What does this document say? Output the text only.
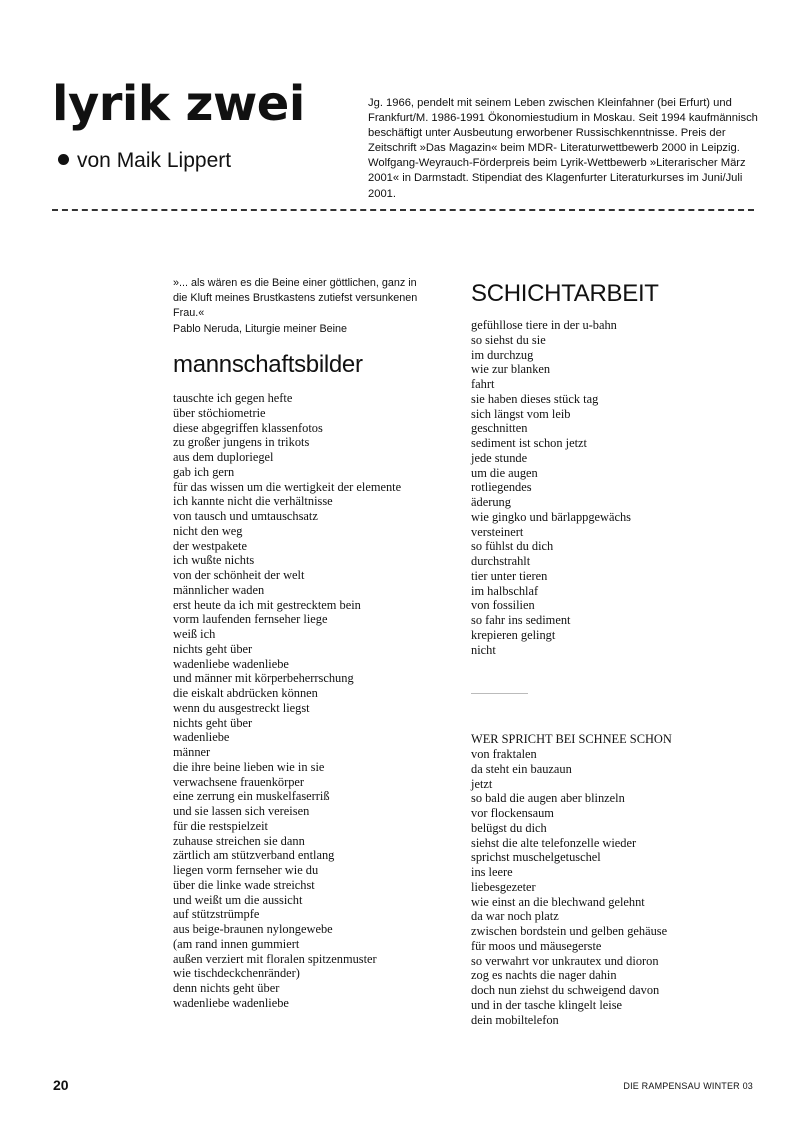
lyrik zwei
von Maik Lippert

Jg. 1966, pendelt mit seinem Leben zwischen Kleinfahner (bei Erfurt) und Frankfurt/M. 1986-1991 Ökonomiestudium in Moskau. Seit 1994 kaufmännisch beschäftigt unter Ausbeutung erworbener Russischkenntnisse. Preis der Zeitschrift »Das Magazin« beim MDR- Literaturwettbewerb 2000 in Leipzig. Wolfgang-Weyrauch-Förderpreis beim Lyrik-Wettbewerb »Literarischer März 2001« in Darmstadt. Stipendiat des Klagenfurter Literaturkurses im Juni/Juli 2001.

»... als wären es die Beine einer göttlichen, ganz in die Kluft meines Brustkastens zutiefst versunkenen Frau.«

Pablo Neruda, Liturgie meiner Beine

mannschaftsbilder
tauschte ich gegen hefte
über stöchiometrie
diese abgegriffen klassenfotos
zu großer jungens in trikots
aus dem duploriegel
gab ich gern
für das wissen um die wertigkeit der elemente
ich kannte nicht die verhältnisse
von tausch und umtauschsatz
nicht den weg
der westpakete
ich wußte nichts
von der schönheit der welt
männlicher waden
erst heute da ich mit gestrecktem bein
vorm laufenden fernseher liege
weiß ich
nichts geht über
wadenliebe wadenliebe
und männer mit körperbeherrschung
die eiskalt abdrücken können
wenn du ausgestreckt liegst
nichts geht über
wadenliebe
männer
die ihre beine lieben wie in sie
verwachsene frauenkörper
eine zerrung ein muskelfaserriß
und sie lassen sich vereisen
für die restspielzeit
zuhause streichen sie dann
zärtlich am stützverband entlang
liegen vorm fernseher wie du
über die linke wade streichst
und weißt um die aussicht
auf stützstrümpfe
aus beige-braunen nylongewebe
(am rand innen gummiert
außen verziert mit floralen spitzenmuster
wie tischdeckchenränder)
denn nichts geht über
wadenliebe wadenliebe
SCHICHTARBEIT
gefühllose tiere in der u-bahn
so siehst du sie
im durchzug
wie zur blanken
fahrt
sie haben dieses stück tag
sich längst vom leib
geschnitten
sediment ist schon jetzt
jede stunde
um die augen
rotliegendes
äderung
wie gingko und bärlappgewächs
versteinert
so fühlst du dich
durchstrahlt
tier unter tieren
im halbschlaf
von fossilien
so fahr ins sediment
krepieren gelingt
nicht
WER SPRICHT BEI SCHNEE SCHON
von fraktalen
da steht ein bauzaun
jetzt
so bald die augen aber blinzeln
vor flockensaum
belügst du dich
siehst die alte telefonzelle wieder
sprichst muschelgetuschel
ins leere
liebesgezeter
wie einst an die blechwand gelehnt
da war noch platz
zwischen bordstein und gelben gehäuse
für moos und mäusegerste
so verwahrt vor unkrautex und dioron
zog es nachts die nager dahin
doch nun ziehst du schweigend davon
und in der tasche klingelt leise
dein mobiltelefon
20	DIE RAMPENSAU WINTER 03
